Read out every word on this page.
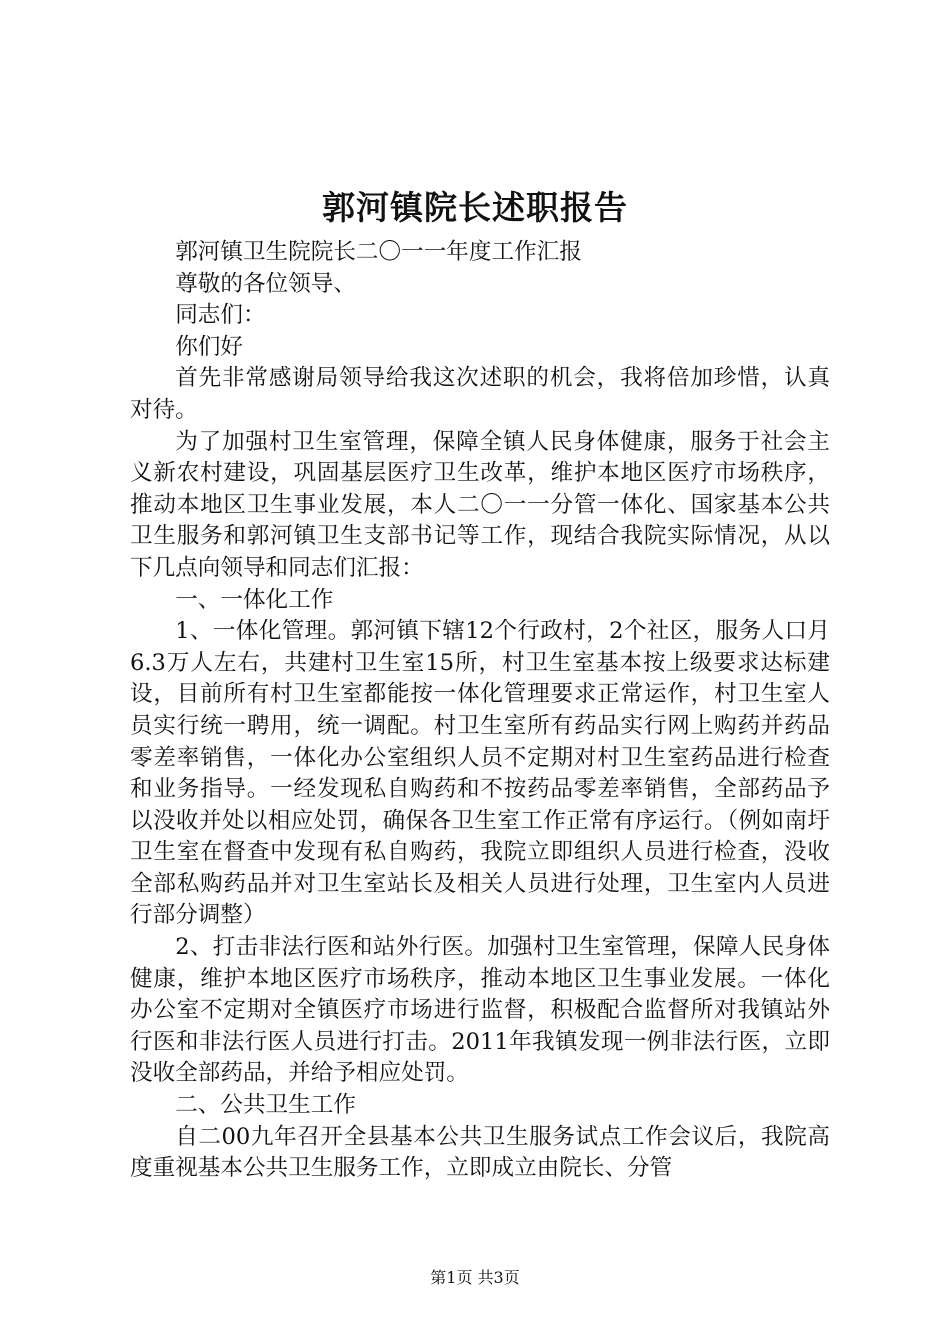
郭河镇院长述职报告

郭河镇卫生院院长二〇一一年度工作汇报

尊敬的各位领导、

同志们：

你们好

首先非常感谢局领导给我这次述职的机会，我将倍加珍惜，认真对待。

为了加强村卫生室管理，保障全镇人民身体健康，服务于社会主义新农村建设，巩固基层医疗卫生改革，维护本地区医疗市场秩序，推动本地区卫生事业发展，本人二〇一一分管一体化、国家基本公共卫生服务和郭河镇卫生支部书记等工作，现结合我院实际情况，从以下几点向领导和同志们汇报：

一、一体化工作

1、一体化管理。郭河镇下辖12个行政村，2个社区，服务人口月6.3万人左右，共建村卫生室15所，村卫生室基本按上级要求达标建设，目前所有村卫生室都能按一体化管理要求正常运作，村卫生室人员实行统一聘用，统一调配。村卫生室所有药品实行网上购药并药品零差率销售，一体化办公室组织人员不定期对村卫生室药品进行检查和业务指导。一经发现私自购药和不按药品零差率销售，全部药品予以没收并处以相应处罚，确保各卫生室工作正常有序运行。（例如南圩卫生室在督查中发现有私自购药，我院立即组织人员进行检查，没收全部私购药品并对卫生室站长及相关人员进行处理，卫生室内人员进行部分调整）

2、打击非法行医和站外行医。加强村卫生室管理，保障人民身体健康，维护本地区医疗市场秩序，推动本地区卫生事业发展。一体化办公室不定期对全镇医疗市场进行监督，积极配合监督所对我镇站外行医和非法行医人员进行打击。2011年我镇发现一例非法行医，立即没收全部药品，并给予相应处罚。

二、公共卫生工作

自二00九年召开全县基本公共卫生服务试点工作会议后，我院高度重视基本公共卫生服务工作，立即成立由院长、分管

第1页 共3页
